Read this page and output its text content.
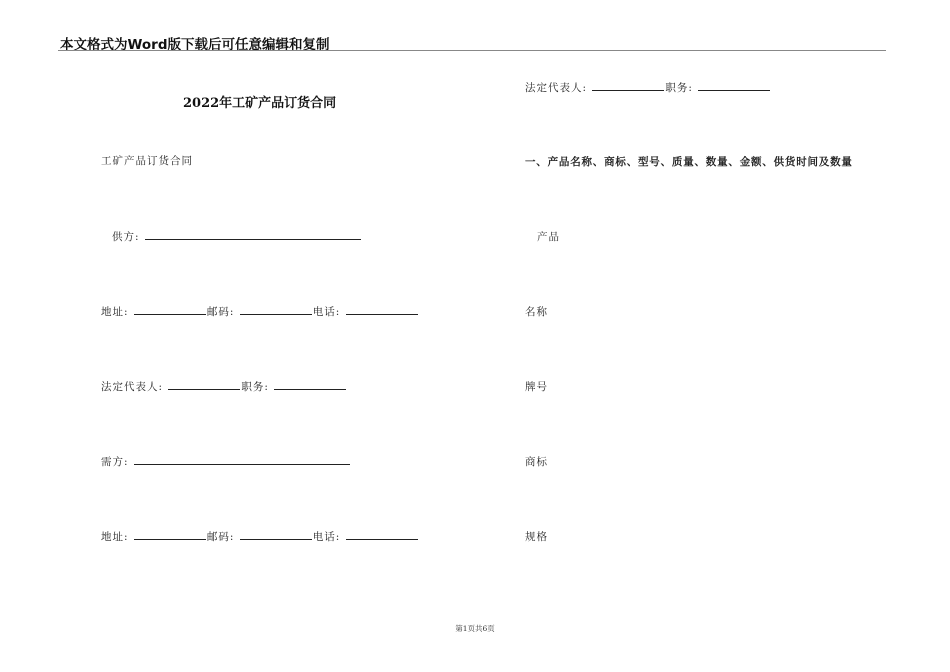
本文格式为Word版下载后可任意编辑和复制
2022年工矿产品订货合同
工矿产品订货合同
供方:
地址:	邮码:	电话:
法定代表人:	职务:
需方:
地址:	邮码:	电话:
法定代表人:	职务:
一、产品名称、商标、型号、质量、数量、金额、供货时间及数量
产品
名称
牌号
商标
规格
第1页共6页
